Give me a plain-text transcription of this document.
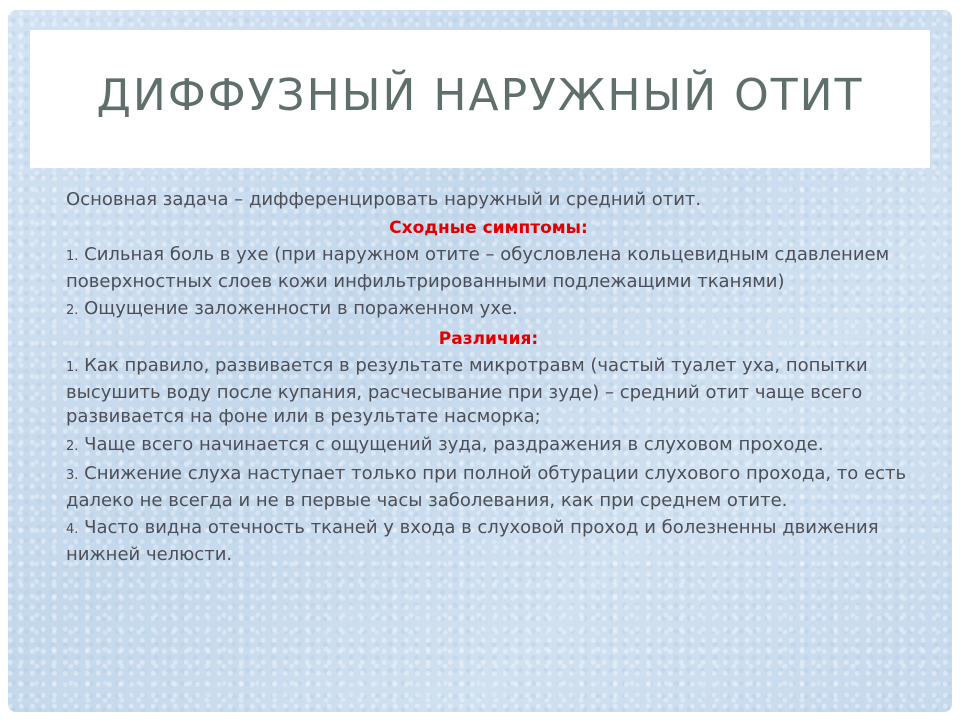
ДИФФУЗНЫЙ НАРУЖНЫЙ ОТИТ

Основная задача – дифференцировать наружный и средний отит.

Сходные симптомы:

1. Сильная боль в ухе (при наружном отите – обусловлена кольцевидным сдавлением поверхностных слоев кожи инфильтрированными подлежащими тканями)

2. Ощущение заложенности в пораженном ухе.

Различия:

1. Как правило, развивается в результате микротравм (частый туалет уха, попытки высушить воду после купания, расчесывание при зуде) – средний отит чаще всего развивается на фоне или в результате насморка;

2. Чаще всего начинается с ощущений зуда, раздражения в слуховом проходе.

3. Снижение слуха наступает только при полной обтурации слухового прохода, то есть далеко не всегда и не в первые часы заболевания, как при среднем отите.

4. Часто видна отечность тканей у входа в слуховой проход и болезненны движения нижней челюсти.
